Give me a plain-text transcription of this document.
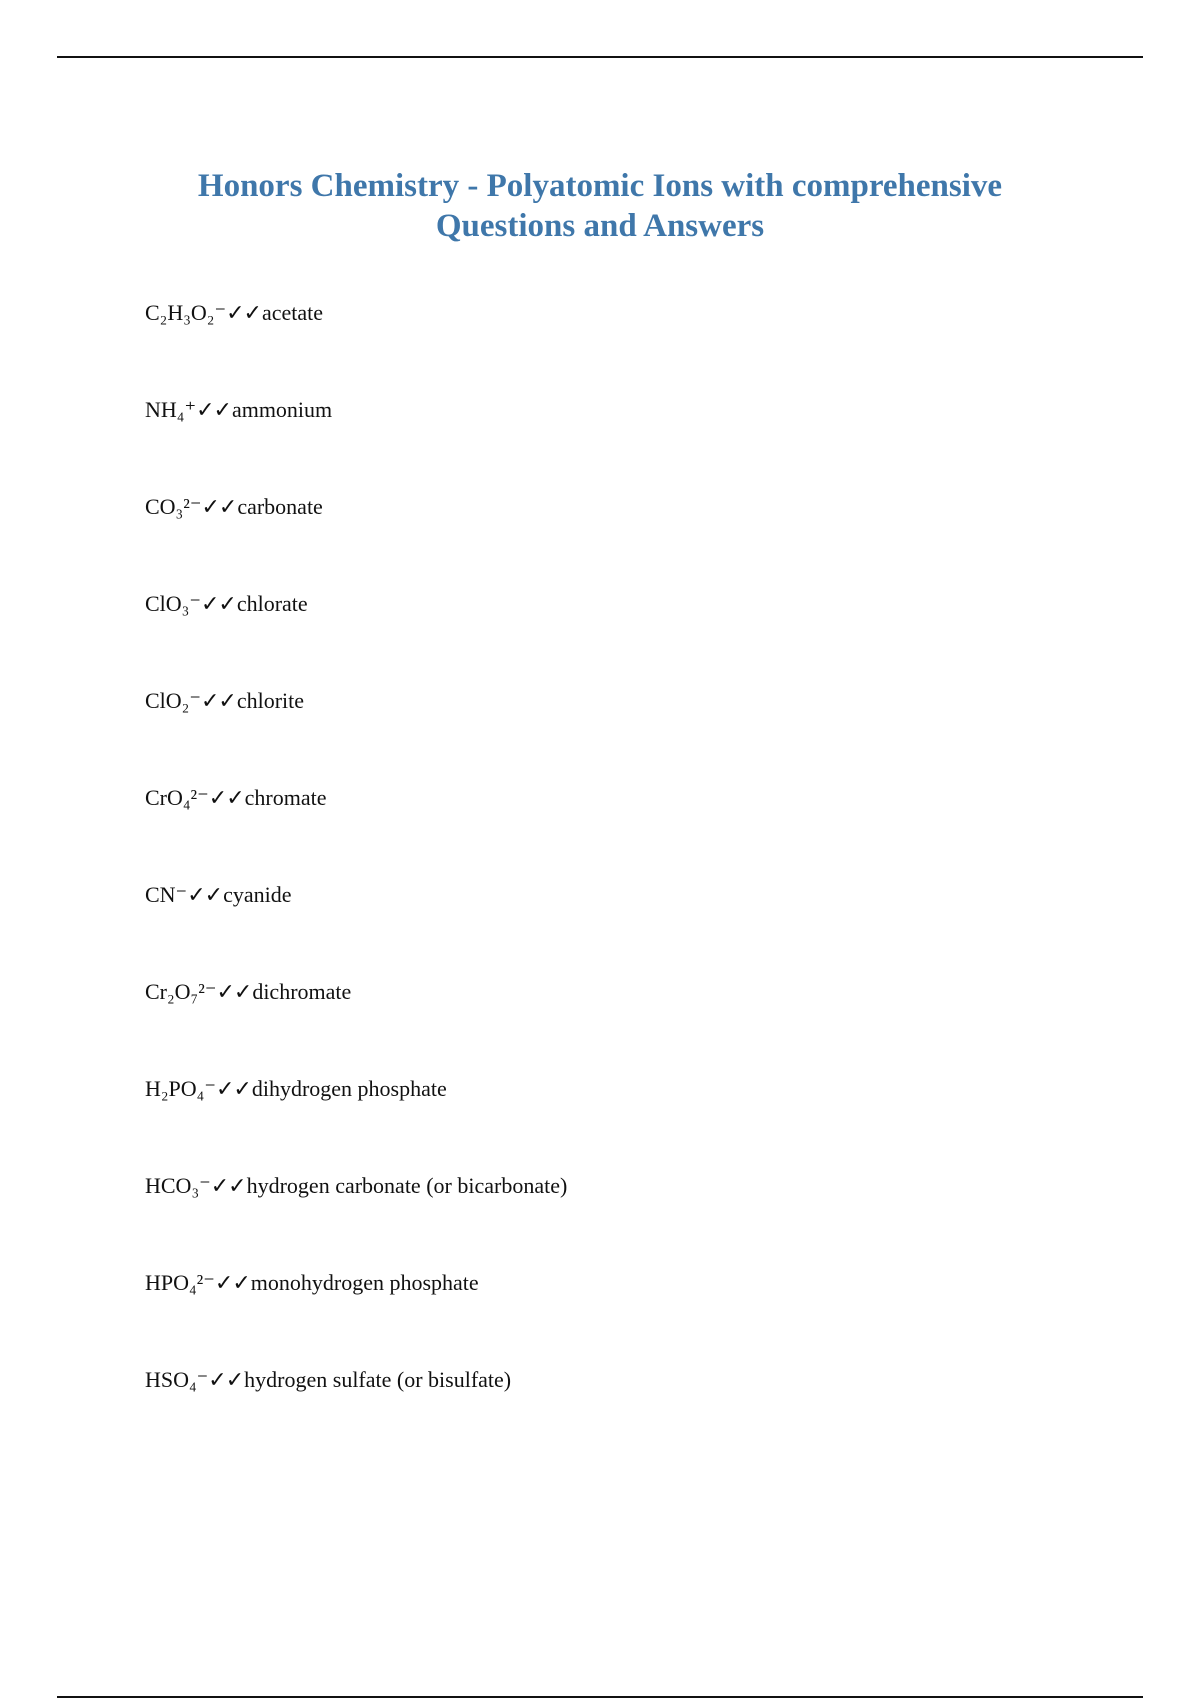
Honors Chemistry - Polyatomic Ions with comprehensive Questions and Answers
C₂H₃O₂⁻✓✓acetate
NH₄⁺✓✓ammonium
CO₃²⁻✓✓carbonate
ClO₃⁻✓✓chlorate
ClO₂⁻✓✓chlorite
CrO₄²⁻✓✓chromate
CN⁻✓✓cyanide
Cr₂O₇²⁻✓✓dichromate
H₂PO₄⁻✓✓dihydrogen phosphate
HCO₃⁻✓✓hydrogen carbonate (or bicarbonate)
HPO₄²⁻✓✓monohydrogen phosphate
HSO₄⁻✓✓hydrogen sulfate (or bisulfate)
